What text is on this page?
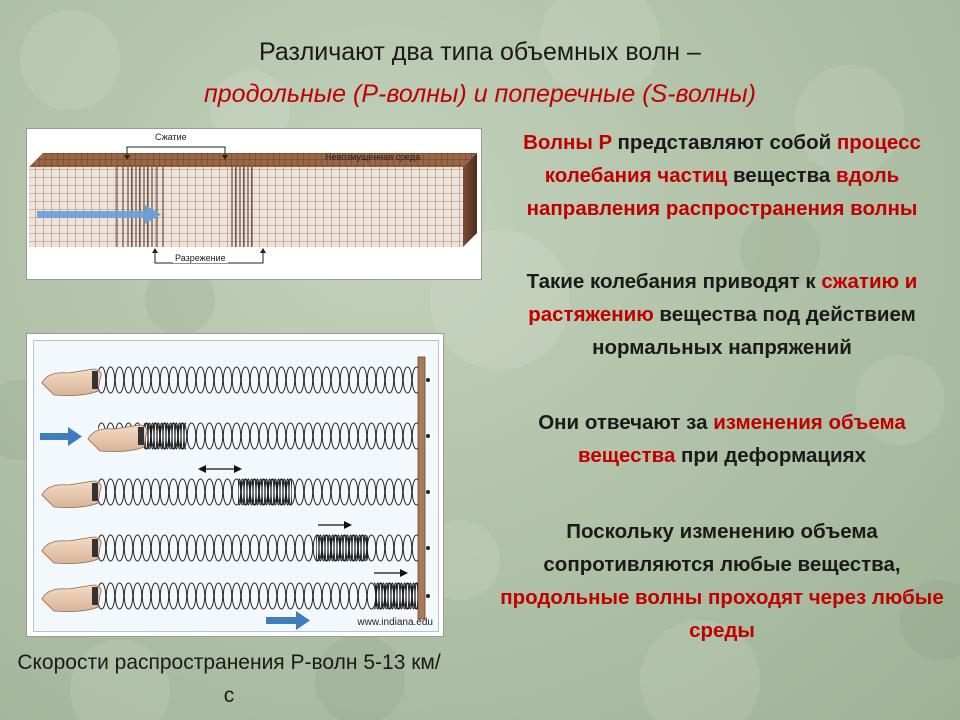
Различают два типа объемных волн –
продольные (P-волны) и поперечные (S-волны)
Сжатие
Невозмущенная среда
Разрежение
www.indiana.edu

Волны P представляют собой процесс колебания частиц вещества вдоль направления распространения волны

Такие колебания приводят к сжатию и растяжению вещества под действием нормальных напряжений

Они отвечают за изменения объема вещества при деформациях

Поскольку изменению объема сопротивляются любые вещества, продольные волны проходят через любые среды

Скорости распространения P-волн 5-13 км/с
